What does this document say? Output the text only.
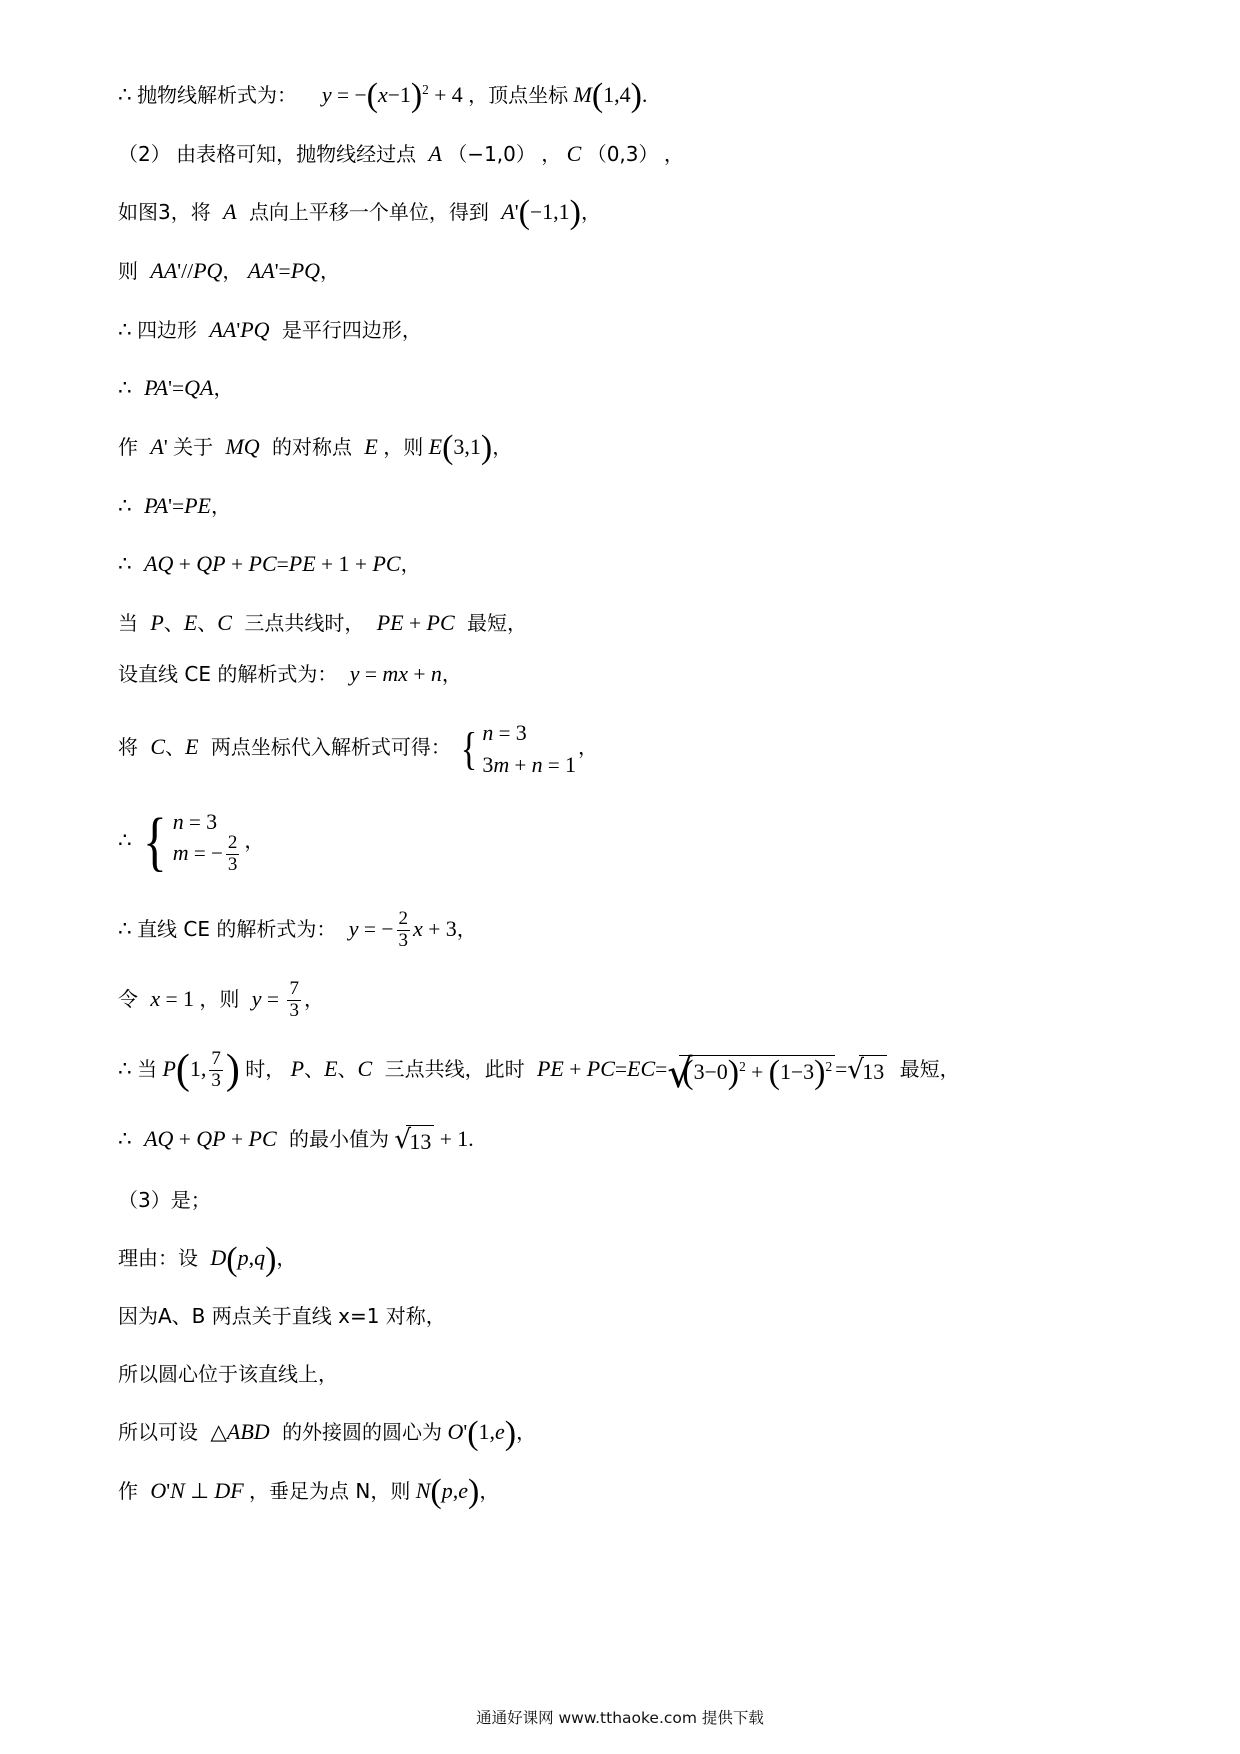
∴ 抛物线解析式为： $y = -(x-1)^2 + 4$ ，顶点坐标 M(1,4).
（2） 由表格可知，抛物线经过点 A （−1,0） ， C （0,3） ，
如图3，将 A 点向上平移一个单位，得到 A'(−1,1)，
则 AA'//PQ， AA'=PQ，
∴ 四边形 AA'PQ 是平行四边形，
∴ PA'=QA，
作 A' 关于 MQ 的对称点 E ，则 E(3,1)，
∴ PA'=PE，
∴ AQ + QP + PC=PE + 1 + PC，
当 P、E、C 三点共线时， PE + PC 最短，
设直线 CE 的解析式为： y = mx + n，
将 C、E 两点坐标代入解析式可得： { n = 3
3m + n = 1
，
∴ { n = 3
m = − $\frac{2}{3}$ ，
∴ 直线 CE 的解析式为： y = − $\frac{2}{3}$ x + 3，
令 x = 1 ，则 $y = \frac{7}{3}$ ，
∴ 当 P(1, $\frac{7}{3}$ ) 时， P、E、C 三点共线，此时 PE + PC=EC= √ $(3-0)^2 + (1-3)^2$ = √ 13 最短，
∴ AQ + QP + PC 的最小值为 √ 13 + 1.
（3）是；
理由：设 D(p,q)，
因为A、B 两点关于直线 x=1 对称，
所以圆心位于该直线上，
所以可设 △ABD 的外接圆的圆心为 O'(1,e)，
作 O'N ⊥ DF ，垂足为点 N，则 N(p,e)，
通通好课网 www.tthaoke.com 提供下载
